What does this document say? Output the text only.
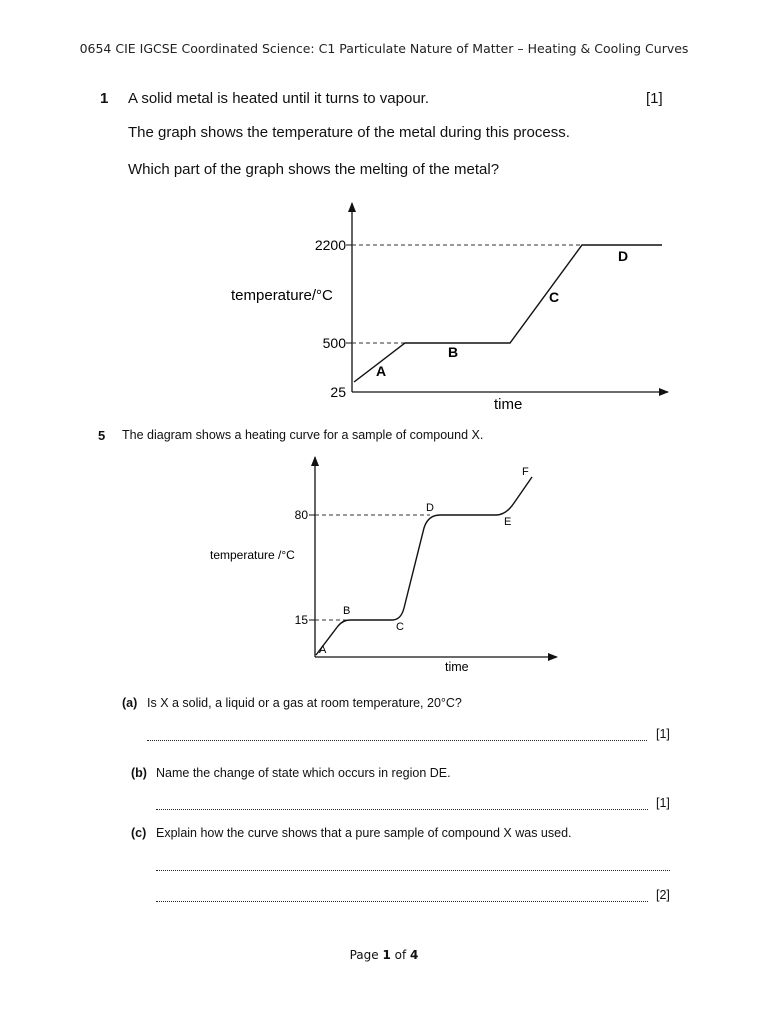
0654 CIE IGCSE Coordinated Science: C1 Particulate Nature of Matter – Heating & Cooling Curves
1 A solid metal is heated until it turns to vapour.	[1]
The graph shows the temperature of the metal during this process.
Which part of the graph shows the melting of the metal?
2200
500
25
temperature/°C
time
A
B
C
D
80
15
temperature /°C
time
A
B
C
D
E
F
5 The diagram shows a heating curve for a sample of compound X.
(a) Is X a solid, a liquid or a gas at room temperature, 20°C?
[1]
(b) Name the change of state which occurs in region DE.
[1]
(c) Explain how the curve shows that a pure sample of compound X was used.
[2]
Page 1 of 4
